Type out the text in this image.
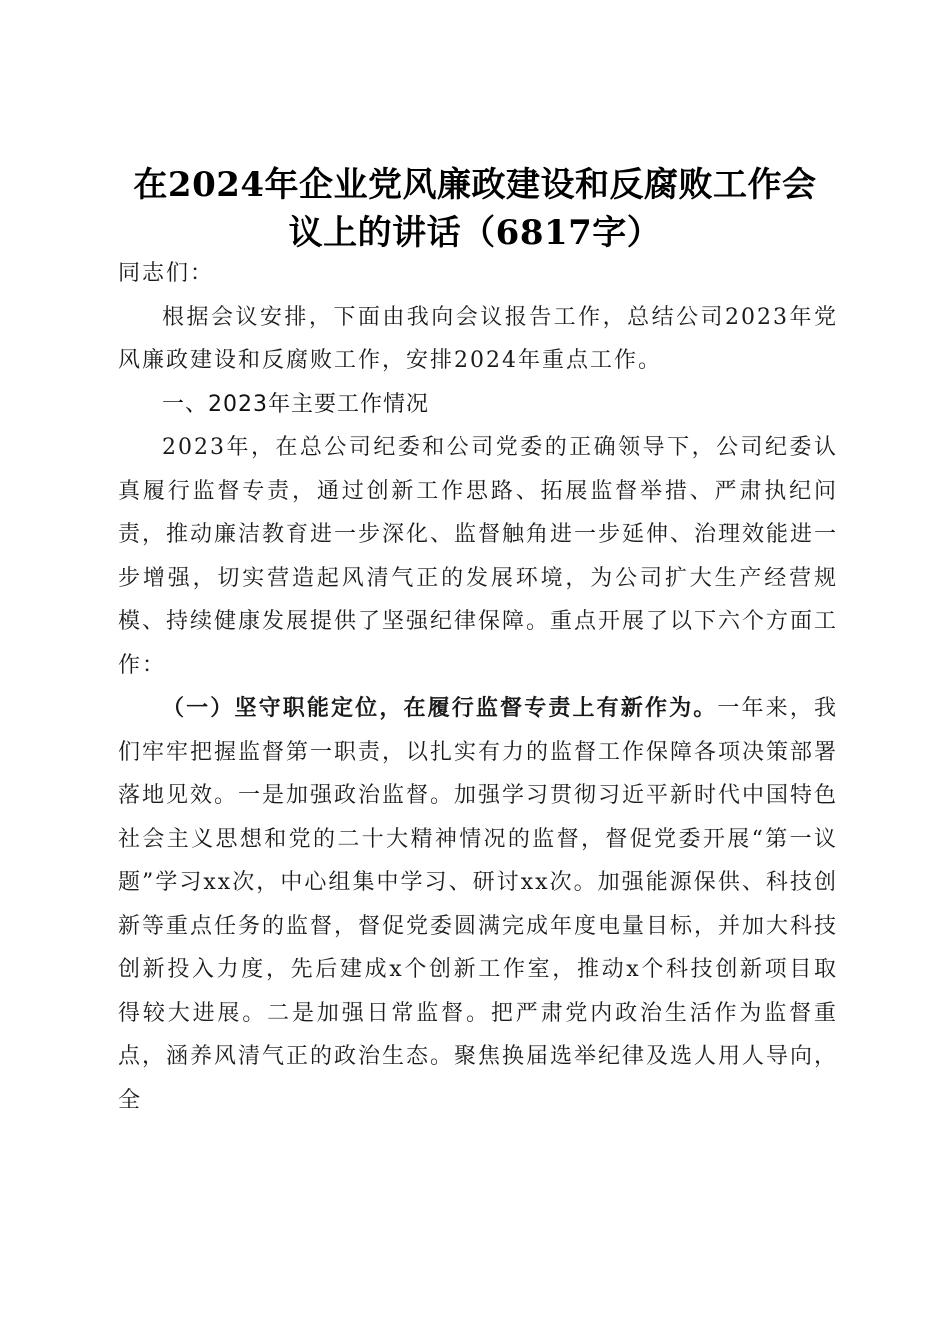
在2024年企业党风廉政建设和反腐败工作会
议上的讲话（6817字）

同志们：

根据会议安排，下面由我向会议报告工作，总结公司2023年党风廉政建设和反腐败工作，安排2024年重点工作。

一、2023年主要工作情况

2023年，在总公司纪委和公司党委的正确领导下，公司纪委认真履行监督专责，通过创新工作思路、拓展监督举措、严肃执纪问责，推动廉洁教育进一步深化、监督触角进一步延伸、治理效能进一步增强，切实营造起风清气正的发展环境，为公司扩大生产经营规模、持续健康发展提供了坚强纪律保障。重点开展了以下六个方面工作：

（一）坚守职能定位，在履行监督专责上有新作为。一年来，我们牢牢把握监督第一职责，以扎实有力的监督工作保障各项决策部署落地见效。一是加强政治监督。加强学习贯彻习近平新时代中国特色社会主义思想和党的二十大精神情况的监督，督促党委开展“第一议题”学习xx次，中心组集中学习、研讨xx次。加强能源保供、科技创新等重点任务的监督，督促党委圆满完成年度电量目标，并加大科技创新投入力度，先后建成x个创新工作室，推动x个科技创新项目取得较大进展。二是加强日常监督。把严肃党内政治生活作为监督重点，涵养风清气正的政治生态。聚焦换届选举纪律及选人用人导向，全
